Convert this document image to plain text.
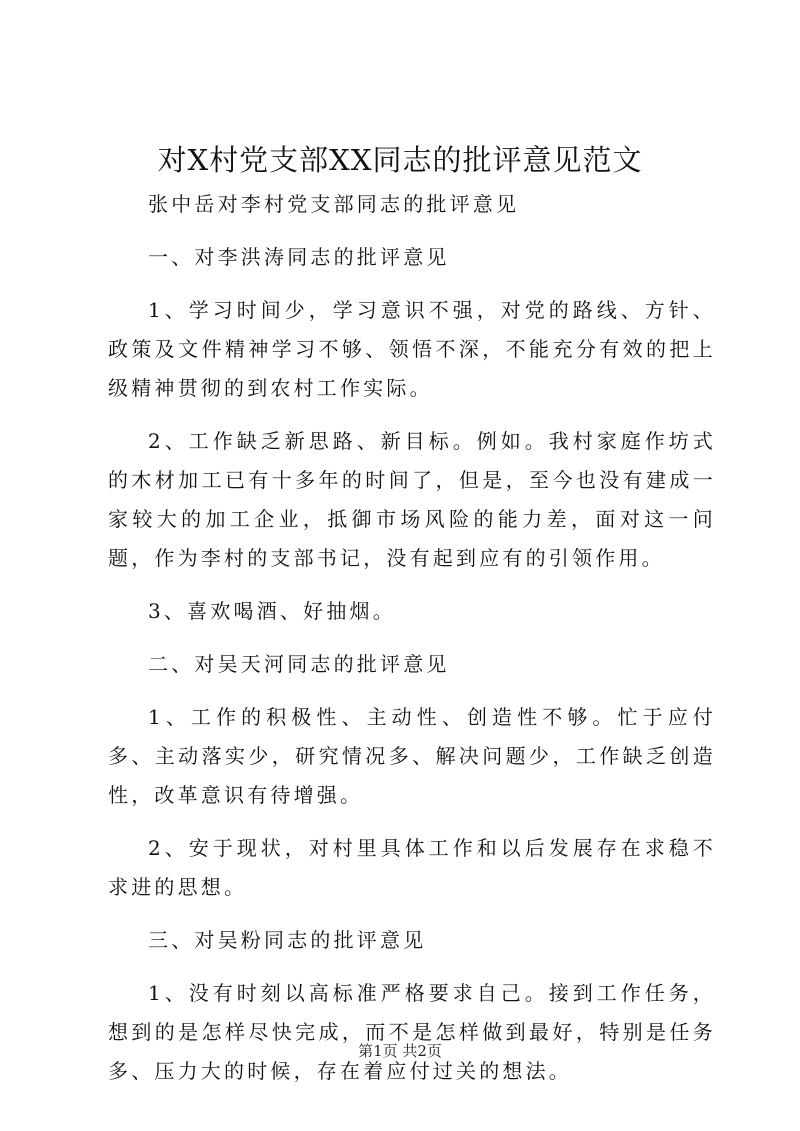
对X村党支部XX同志的批评意见范文

张中岳对李村党支部同志的批评意见

一、对李洪涛同志的批评意见

1、学习时间少，学习意识不强，对党的路线、方针、政策及文件精神学习不够、领悟不深，不能充分有效的把上级精神贯彻的到农村工作实际。

2、工作缺乏新思路、新目标。例如。我村家庭作坊式的木材加工已有十多年的时间了，但是，至今也没有建成一家较大的加工企业，抵御市场风险的能力差，面对这一问题，作为李村的支部书记，没有起到应有的引领作用。

3、喜欢喝酒、好抽烟。

二、对吴天河同志的批评意见

1、工作的积极性、主动性、创造性不够。忙于应付多、主动落实少，研究情况多、解决问题少，工作缺乏创造性，改革意识有待增强。

2、安于现状，对村里具体工作和以后发展存在求稳不求进的思想。

三、对吴粉同志的批评意见

1、没有时刻以高标准严格要求自己。接到工作任务，想到的是怎样尽快完成，而不是怎样做到最好，特别是任务多、压力大的时候，存在着应付过关的想法。

第1页 共2页
